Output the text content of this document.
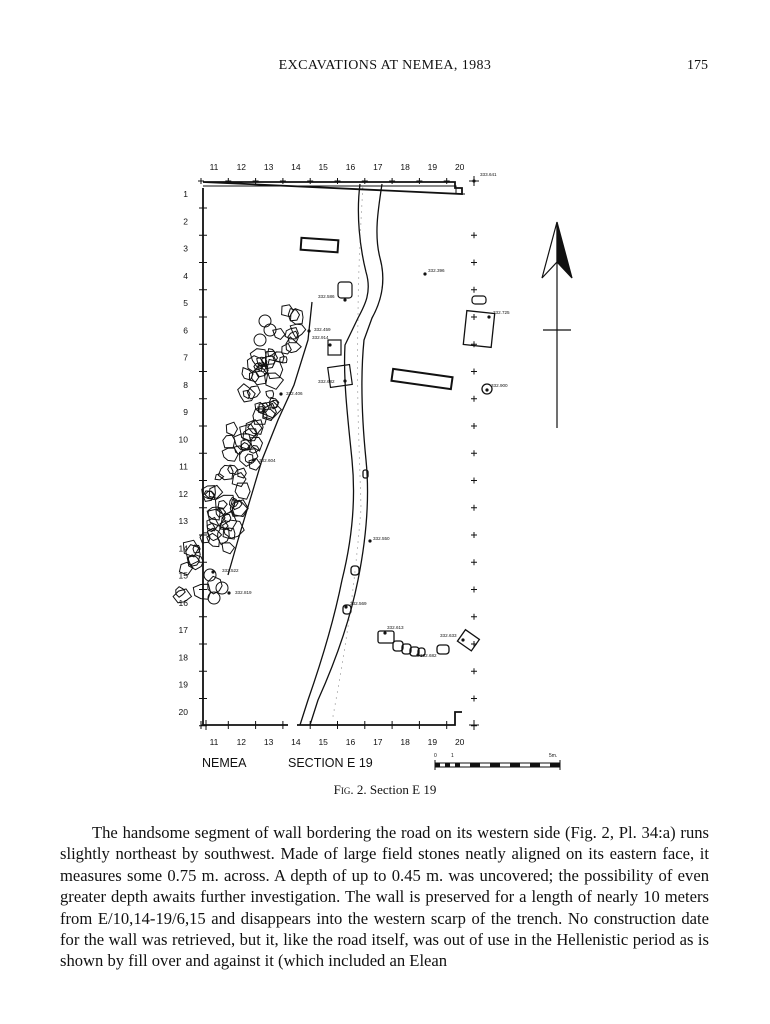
EXCAVATIONS AT NEMEA, 1983	175
11 12 13 14 15 16 17 18 19 20
11 12 13 14 15 16 17 18 19 20
1
2
3
4
5
6
7
8
9
10
11
12
13
14
15
16
17
18
19
20
333.641
332.396
332.586
332.725
332.459
332.914
332.682
332.900
332.406
332.604
332.550
332.522
332.819
332.569
332.613
332.633
332.682
NEMEA	SECTION E 19	0	1	5m.
Fig. 2. Section E 19

The handsome segment of wall bordering the road on its western side (Fig. 2, Pl. 34:a) runs slightly northeast by southwest. Made of large field stones neatly aligned on its eastern face, it measures some 0.75 m. across. A depth of up to 0.45 m. was uncovered; the possibility of even greater depth awaits further investigation. The wall is preserved for a length of nearly 10 meters from E/10,14-19/6,15 and disappears into the western scarp of the trench. No construction date for the wall was retrieved, but it, like the road itself, was out of use in the Hellenistic period as is shown by fill over and against it (which included an Elean
